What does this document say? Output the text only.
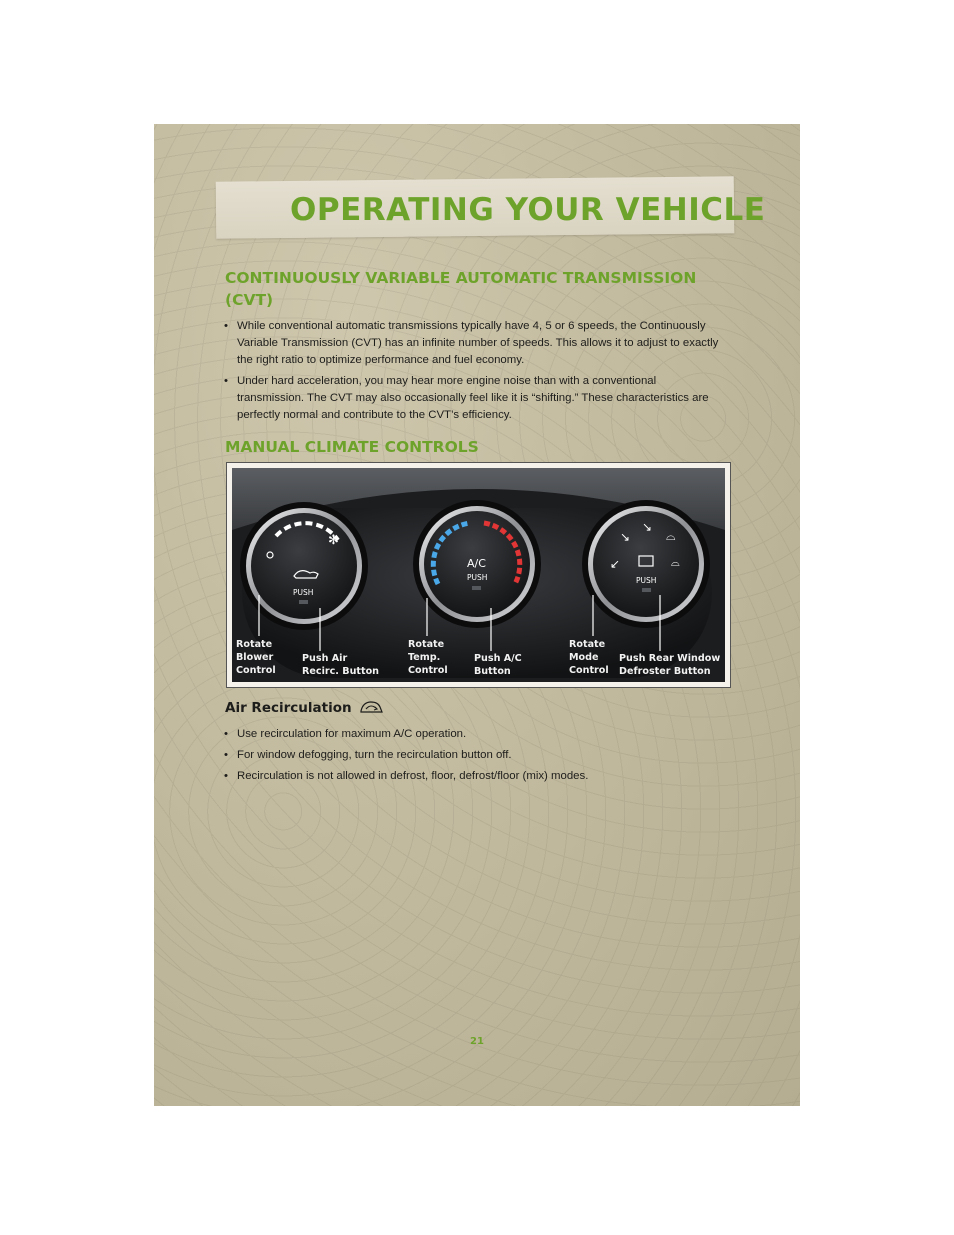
OPERATING YOUR VEHICLE
CONTINUOUSLY VARIABLE AUTOMATIC TRANSMISSION
(CVT)
• While conventional automatic transmissions typically have 4, 5 or 6 speeds, the Continuously Variable Transmission (CVT) has an infinite number of speeds. This allows it to adjust to exactly the right ratio to optimize performance and fuel economy.
• Under hard acceleration, you may hear more engine noise than with a conventional transmission. The CVT may also occasionally feel like it is “shifting.” These characteristics are perfectly normal and contribute to the CVT’s efficiency.
MANUAL CLIMATE CONTROLS
✻
PUSH
A/C
PUSH
↙
↘
↘
⌓
⌓
PUSH
Rotate
Blower
Control
Push Air
Recirc. Button
Rotate
Temp.
Control
Push A/C
Button
Rotate
Mode
Control
Push Rear Window
Defroster Button
Air Recirculation
• Use recirculation for maximum A/C operation.
• For window defogging, turn the recirculation button off.
• Recirculation is not allowed in defrost, floor, defrost/floor (mix) modes.
21
